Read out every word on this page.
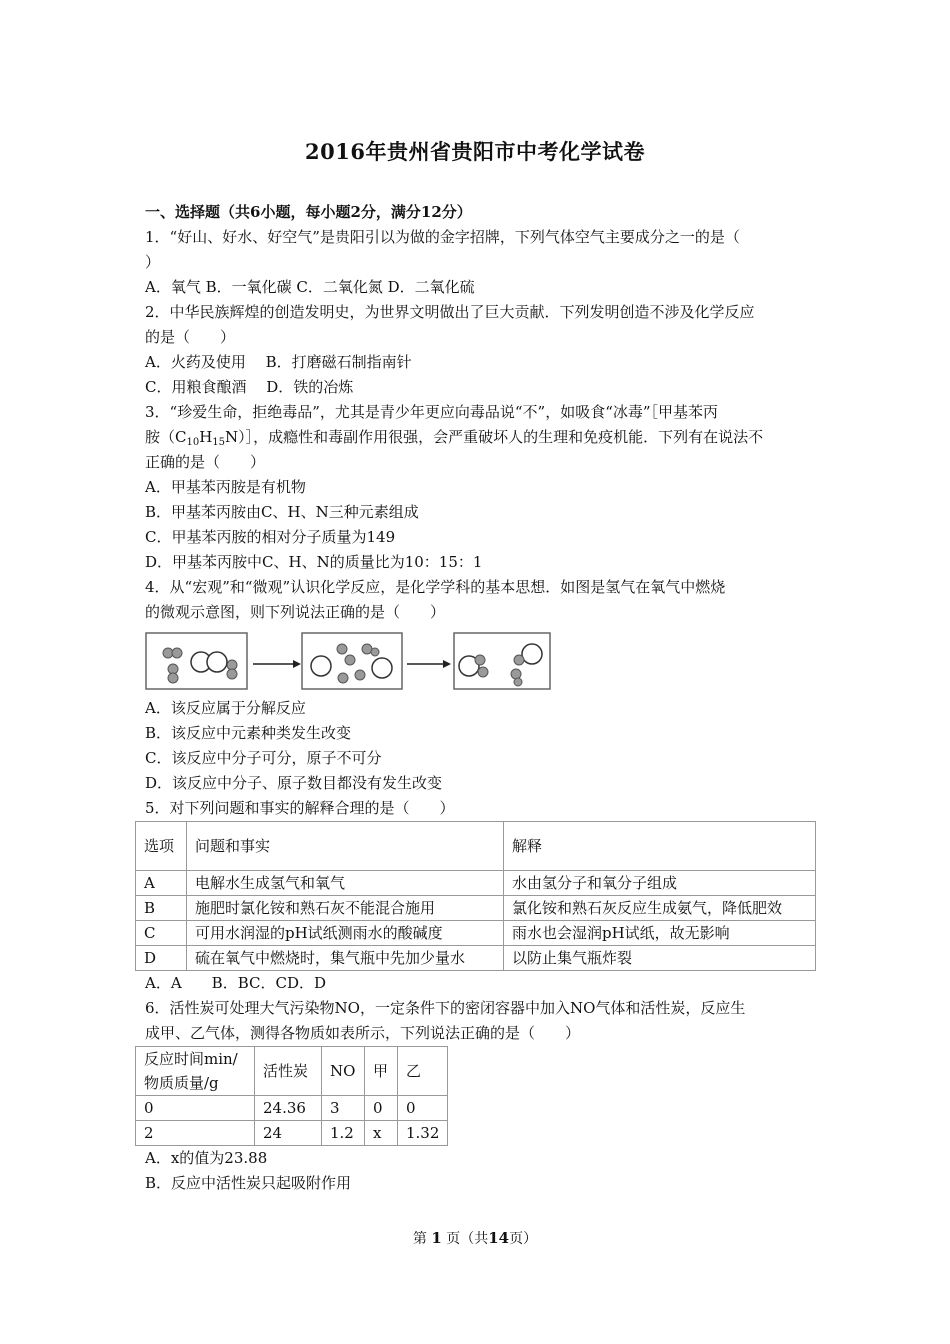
2016年贵州省贵阳市中考化学试卷
一、选择题（共6小题，每小题2分，满分12分）
1．“好山、好水、好空气”是贵阳引以为做的金字招牌，下列气体空气主要成分之一的是（
）
A．氧气 B．一氧化碳 C．二氧化氮 D．二氧化硫
2．中华民族辉煌的创造发明史，为世界文明做出了巨大贡献．下列发明创造不涉及化学反应
的是（　　）
A．火药及使用　 B．打磨磁石制指南针
C．用粮食酿酒　 D．铁的冶炼
3．“珍爱生命，拒绝毒品”，尤其是青少年更应向毒品说“不”，如吸食“冰毒”［甲基苯丙
胺$(C_{10}H_{15}N)]$，成瘾性和毒副作用很强，会严重破坏人的生理和免疫机能．下列有在说法不
正确的是（　　）
A．甲基苯丙胺是有机物
B．甲基苯丙胺由C、H、N三种元素组成
C．甲基苯丙胺的相对分子质量为149
D．甲基苯丙胺中C、H、N的质量比为10：15：1
4．从“宏观”和“微观”认识化学反应，是化学学科的基本思想．如图是氢气在氧气中燃烧
的微观示意图，则下列说法正确的是（　　）
A．该反应属于分解反应
B．该反应中元素种类发生改变
C．该反应中分子可分，原子不可分
D．该反应中分子、原子数目都没有发生改变
5．对下列问题和事实的解释合理的是（　　）
选项	问题和事实	解释
A	电解水生成氢气和氧气	水由氢分子和氧分子组成
B	施肥时氯化铵和熟石灰不能混合施用	氯化铵和熟石灰反应生成氨气，降低肥效
C	可用水润湿的pH试纸测雨水的酸碱度	雨水也会湿润pH试纸，故无影响
D	硫在氧气中燃烧时，集气瓶中先加少量水	以防止集气瓶炸裂
A．A　　B．BC．CD．D
6．活性炭可处理大气污染物NO，一定条件下的密闭容器中加入NO气体和活性炭，反应生
成甲、乙气体，测得各物质如表所示，下列说法正确的是（　　）
反应时间min/
物质质量/g	活性炭	NO	甲	乙
0	24.36	3	0	0
2	24	1.2	x	1.32
A．x的值为23.88
B．反应中活性炭只起吸附作用
第 1 页（共14页）
